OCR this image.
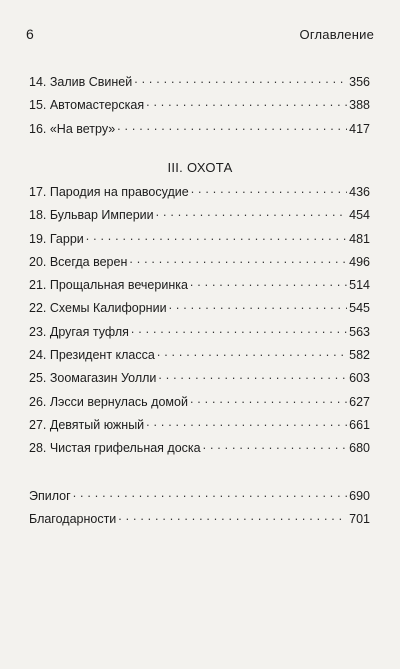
6	Оглавление
14. Залив Свиней . . .	356
15. Автомастерская . . .	388
16. «На ветру» . . .	417
III. ОХОТА
17. Пародия на правосудие . . .	436
18. Бульвар Империи . . .	454
19. Гарри . . .	481
20. Всегда верен . . .	496
21. Прощальная вечеринка . . .	514
22. Схемы Калифорнии . . .	545
23. Другая туфля . . .	563
24. Президент класса . . .	582
25. Зоомагазин Уолли . . .	603
26. Лэсси вернулась домой . . .	627
27. Девятый южный . . .	661
28. Чистая грифельная доска . . .	680
Эпилог . . .	690
Благодарности . . .	701
